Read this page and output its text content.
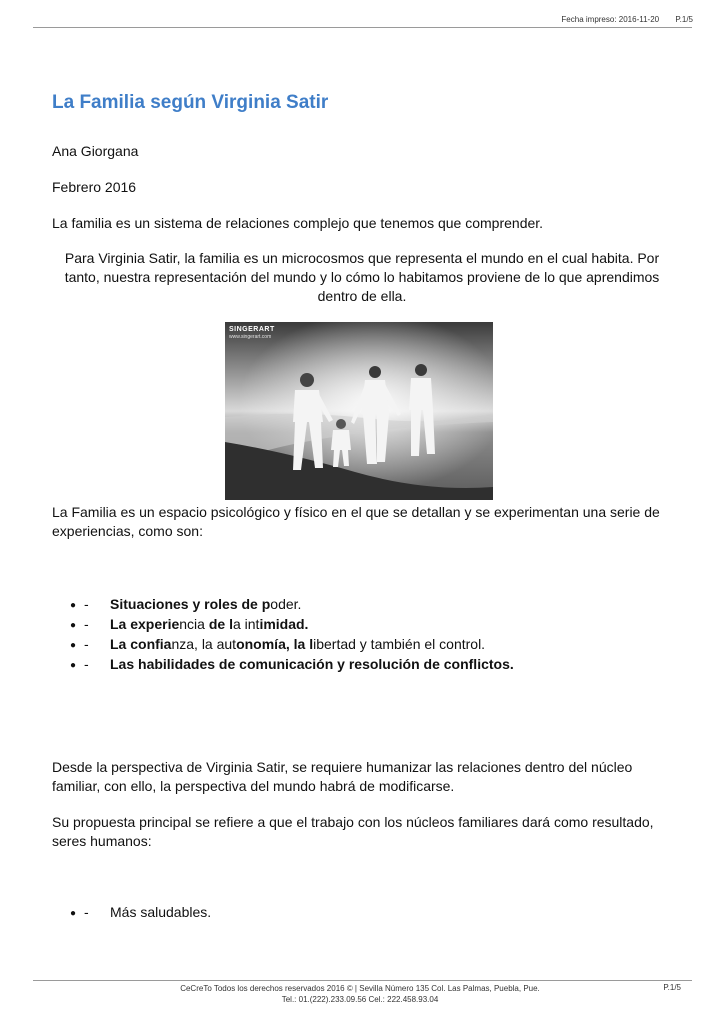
Fecha impreso: 2016-11-20 P.1/5
La Familia según Virginia Satir
Ana Giorgana
Febrero 2016
La familia es un sistema de relaciones complejo que tenemos que comprender.
Para Virginia Satir, la familia es un microcosmos que representa el mundo en el cual habita. Por
tanto, nuestra representación del mundo y lo cómo lo habitamos proviene de lo que aprendimos
dentro de ella.
SINGERART
www.singerart.com
La Familia es un espacio psicológico y físico en el que se detallan y se experimentan una serie de
experiencias, como son:
● - Situaciones y roles de poder.
● - La experiencia de la intimidad.
● - La confianza, la autonomía, la libertad y también el control.
● - Las habilidades de comunicación y resolución de conflictos.
Desde la perspectiva de Virginia Satir, se requiere humanizar las relaciones dentro del núcleo
familiar, con ello, la perspectiva del mundo habrá de modificarse.
Su propuesta principal se refiere a que el trabajo con los núcleos familiares dará como resultado,
seres humanos:
● - Más saludables.
CeCreTo Todos los derechos reservados 2016 © | Sevilla Número 135 Col. Las Palmas, Puebla, Pue.
Tel.: 01.(222).233.09.56 Cel.: 222.458.93.04
P.1/5
